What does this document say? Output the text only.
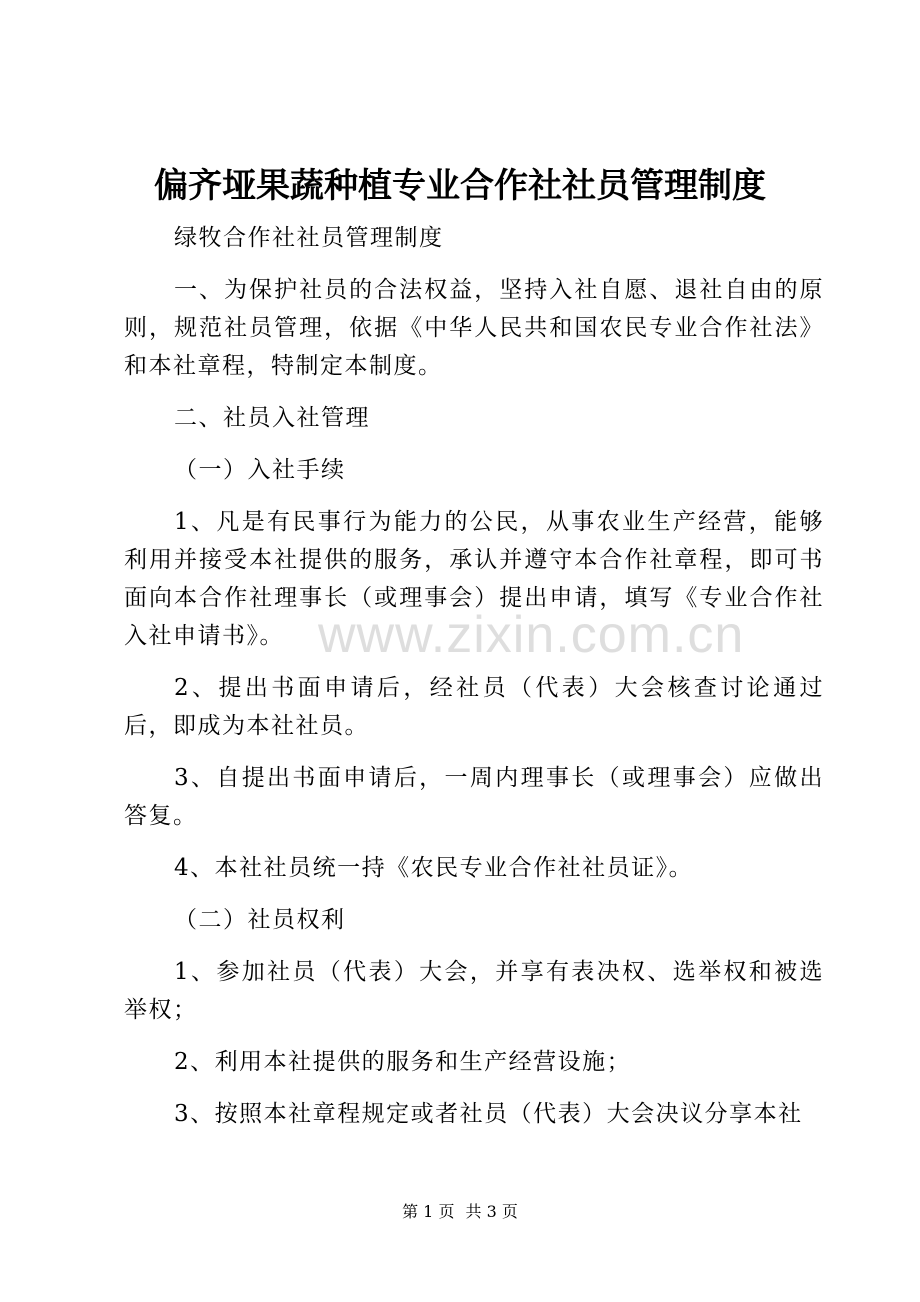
偏齐垭果蔬种植专业合作社社员管理制度

绿牧合作社社员管理制度

一、为保护社员的合法权益，坚持入社自愿、退社自由的原则，规范社员管理，依据《中华人民共和国农民专业合作社法》和本社章程，特制定本制度。

二、社员入社管理

（一）入社手续

1、凡是有民事行为能力的公民，从事农业生产经营，能够利用并接受本社提供的服务，承认并遵守本合作社章程，即可书面向本合作社理事长（或理事会）提出申请，填写《专业合作社入社申请书》。

2、提出书面申请后，经社员（代表）大会核查讨论通过后，即成为本社社员。

3、自提出书面申请后，一周内理事长（或理事会）应做出答复。

4、本社社员统一持《农民专业合作社社员证》。

（二）社员权利

1、参加社员（代表）大会，并享有表决权、选举权和被选举权；

2、利用本社提供的服务和生产经营设施；

3、按照本社章程规定或者社员（代表）大会决议分享本社

www.zixin.com.cn
第 1 页 共 3 页
